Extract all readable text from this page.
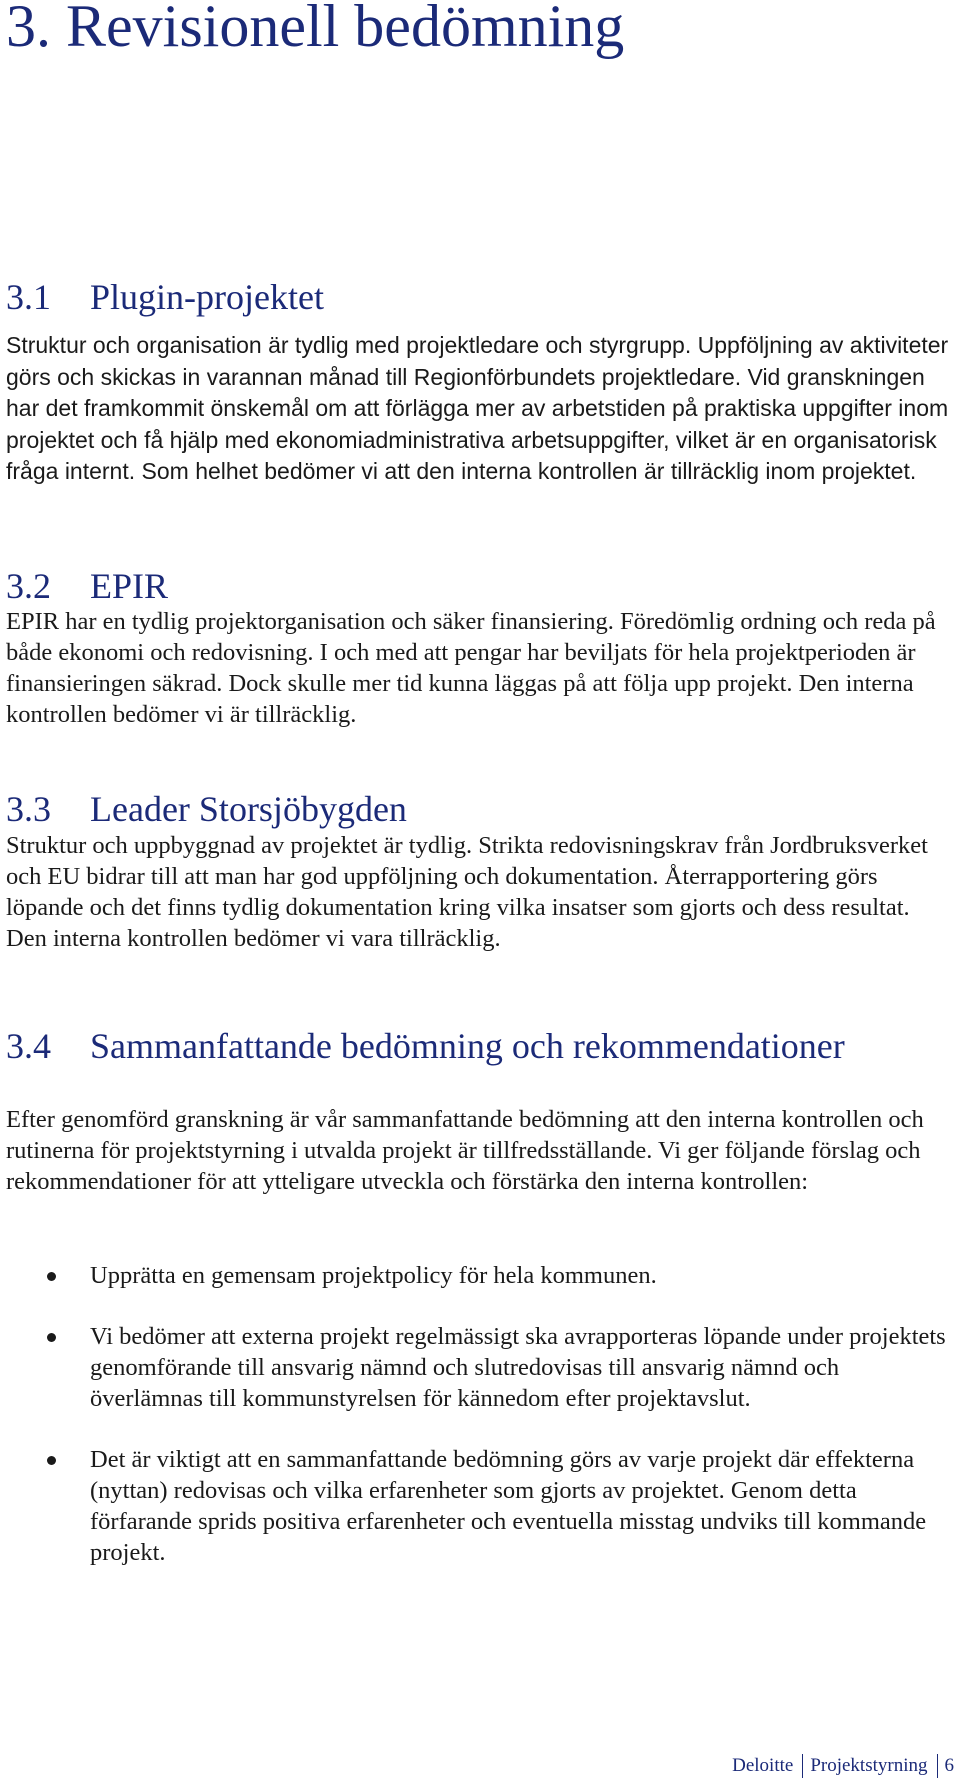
3. Revisionell bedömning
3.1 Plugin-projektet

Struktur och organisation är tydlig med projektledare och styrgrupp. Uppföljning av aktiviteter görs och skickas in varannan månad till Regionförbundets projektledare. Vid granskningen har det framkommit önskemål om att förlägga mer av arbetstiden på praktiska uppgifter inom projektet och få hjälp med ekonomiadministrativa arbetsuppgifter, vilket är en organisatorisk fråga internt. Som helhet bedömer vi att den interna kontrollen är tillräcklig inom projektet.

3.2 EPIR

EPIR har en tydlig projektorganisation och säker finansiering. Föredömlig ordning och reda på både ekonomi och redovisning. I och med att pengar har beviljats för hela projektperioden är finansieringen säkrad. Dock skulle mer tid kunna läggas på att följa upp projekt. Den interna kontrollen bedömer vi är tillräcklig.

3.3 Leader Storsjöbygden

Struktur och uppbyggnad av projektet är tydlig. Strikta redovisningskrav från Jordbruksverket och EU bidrar till att man har god uppföljning och dokumentation. Återrapportering görs löpande och det finns tydlig dokumentation kring vilka insatser som gjorts och dess resultat. Den interna kontrollen bedömer vi vara tillräcklig.

3.4 Sammanfattande bedömning och rekommendationer

Efter genomförd granskning är vår sammanfattande bedömning att den interna kontrollen och rutinerna för projektstyrning i utvalda projekt är tillfredsställande. Vi ger följande förslag och rekommendationer för att ytteligare utveckla och förstärka den interna kontrollen:

Upprätta en gemensam projektpolicy för hela kommunen.
Vi bedömer att externa projekt regelmässigt ska avrapporteras löpande under projektets genomförande till ansvarig nämnd och slutredovisas till ansvarig nämnd och överlämnas till kommunstyrelsen för kännedom efter projektavslut.
Det är viktigt att en sammanfattande bedömning görs av varje projekt där effekterna (nyttan) redovisas och vilka erfarenheter som gjorts av projektet. Genom detta förfarande sprids positiva erfarenheter och eventuella misstag undviks till kommande projekt.
Deloitte Projektstyrning 6
